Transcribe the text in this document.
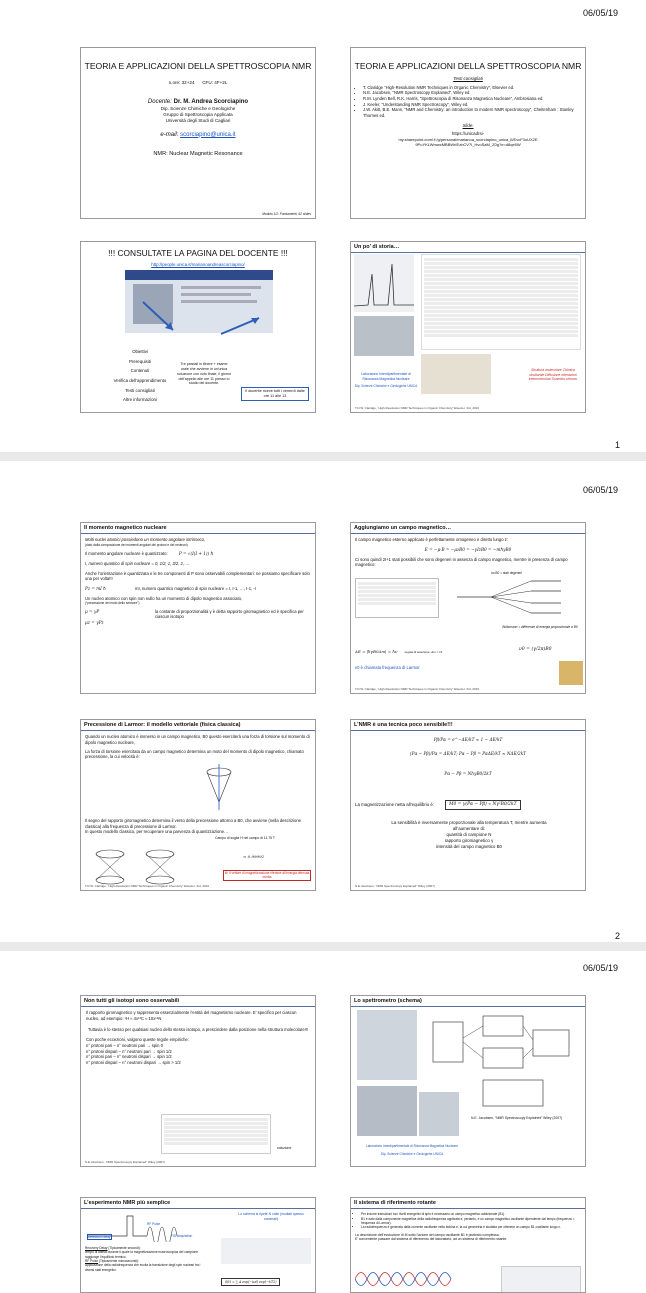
06/05/19
TEORIA E APPLICAZIONI DELLA SPETTROSCOPIA NMR
n.ore: 32+24 CFU: 4F+2L
Docente: Dr. M. Andrea Scorciapino
Dip. Scienze Chimiche e Geologiche
Gruppo di Spettroscopia Applicata
Università degli Studi di Cagliari
e-mail: scorciapino@unica.it
NMR: Nuclear Magnetic Resonance
Modulo 1/2: Fondamenti, 62 slides
TEORIA E APPLICAZIONI DELLA SPETTROSCOPIA NMR
Testi consigliati
• T. Claridge “High-Resolution NMR Techniques in Organic Chemistry”, Elsevier ed.
• N.E. Jacobsen, “NMR Spectroscopy Explained”, Wiley ed.
• R.M. Lynden Bell, R.K. Harris, “Spettroscopia di Risonanza Magnetica Nucleare”, Ambrosiana ed.
• J. Keeler, “Understanding NMR Spectroscopy”, Wiley ed.
• J.W. Akitt, B.E. Mann, “NMR and Chemistry: an introduction to modern NMR spectroscopy”, Cheltenham : Stanley Thornes ed.
Slide:
https://unicadrsi-
my.sharepoint.com/:f:/g/personal/marianoa_scorciapino_unica_it/EvcF3oUX2E
9PuYKLWmwcMBBWrIEzhCV7I_HvoSaM_Z0g?e=d8qe5W
!!! CONSULTATE LA PAGINA DEL DOCENTE !!!
http://people.unica.it/marianoandreascorciapino/
Obiettivi
Prerequisiti
Contenuti
Verifica dell’apprendimento
Testi consigliati
Altre informazioni
Tre parziali in itinere + esame orale che avviene in un'unica soluzione con voto finale, il giorno dell'appello alle ore 11 presso lo studio del docente.
Il docente riceve tutti i venerdì dalle ore 11 alle 13
Un po’ di storia…
Laboratorio Interdipartimentale di Risonanza Magnetica Nucleare
Dip. Scienze Chimiche e Geologiche UNICA
Struttura molecolare Chimica strutturale Diffusione Interazioni intermolecolari Scambio chimico
T.D.W. Claridge, “High-Resolution NMR Techniques in Organic Chemistry” Elsevier, 3rd, 2016
1
06/05/19
Il momento magnetico nucleare
Molti nuclei atomici possiedono un momento angolare intrinseco,
(dato dalla composizione dei momenti angolari dei protoni e dei neutroni)
Il momento angolare nucleare è quantizzato:	P = √(I(I + 1)) ħ
I, numero quantico di spin nucleare = 0, 1/2, 1, 3/2, 2, …
Anche l’orientazione è quantizzata e le tre componenti di P sono osservabili complementari: ne possiamo specificare solo una per volta!!!
Pz = mI ħ	mI, numero quantico magnetico di spin nucleare = I, I-1, …, I-1, -I
Un nucleo atomico con spin non nullo ha un momento di dipolo magnetico associato,
(“precessione del moto dello sensore”)
μ = γP
μz = γPz
la costante di proporzionalità γ è detta rapporto giromagnetico ed è specifica per ciascun isotopo
Aggiungiamo un campo magnetico…
Il campo magnetico esterno applicato è perfettamente omogeneo e diretto lungo z:
E = −μ·B = −μzB0 = −γIzB0 = −mħγB0
Ci sono quindi 2I+1 stati possibili che sono degeneri in assenza di campo magnetico, mentre in presenza di campo magnetico:
no B0 = stati degeneri
Boltzmann = differenze di energia proporzionale a B0
ΔE = |ħγB0Δm| = ħν regola di selezione: Δm = ±1	ν0 = (γ/2π)B0
ν0 è chiamata frequenza di Larmor
T.D.W. Claridge, “High-Resolution NMR Techniques in Organic Chemistry” Elsevier, 3rd, 2016
Precessione di Larmor: il modello vettoriale (fisica classica)
Quando un nucleo atomico è immerso in un campo magnetico, B0 questo eserciterà una forza di torsione sul momento di dipolo magnetico nucleare,
La forza di torsione esercitata da un campo magnetico determina un moto del momento di dipolo magnetico, chiamato precessione, la cui velocità è:
Il segno del rapporto giromagnetico determina il verso della precessione attorno a B0, che avviene (nella descrizione classica) alla frequenza di precessione di Larmor.
In questo modello classico, per recuperare una parvenza di quantizzazione…
Campo di soglia H nel campo di 11.75 T
≈ 0.99992
M: il vettore di magnetizzazione riferisce all’energia ottenuta media
T.D.W. Claridge, “High-Resolution NMR Techniques in Organic Chemistry” Elsevier, 3rd, 2016
L’NMR è una tecnica poco sensibile!!!
Pβ/Pα = e^−ΔE/kT ≈ 1 − ΔE/kT
(Pα − Pβ)/Pα = ΔE/kT; Pα − Pβ = PαΔE/kT ≈ NΔE/2kT
Pα − Pβ = NhγB0/2kT
La magnetizzazione netta all’equilibrio è:	M0 = γ(Pα − Pβ) ∝ Nγ²B0/2kT
La sensibilità è inversamente proporzionale alla temperatura T, mentre aumenta all’aumentare di:
quantità di campione N
rapporto giromagnetico γ
intensità del campo magnetico B0
N.E.Jacobsen, “NMR Spectroscopy Explained” Wiley (2007)
2
06/05/19
Non tutti gli isotopi sono osservabili
Il rapporto giromagnetico γ rappresenta essenzialmente l’entità del magnetismo nucleare. E’ specifico per ciascun nucleo, ad esempio: ¹H ≈ 4x¹³C ≈ 10x¹⁵N
Tuttavia è lo stesso per qualsiasi nucleo dello stesso isotopo, a prescindere dalla posizione nella struttura molecolare!!!
Con poche eccezioni, valgono queste regole empiriche:
n° protoni pari – n° neutroni pari → spin 0
n° protoni dispari – n° neutroni pari → spin 1/2
n° protoni pari – n° neutroni dispari → spin 1/2
n° protoni dispari – n° neutroni dispari → spin > 1/2
soluzione
N.E.Jacobsen, “NMR Spectroscopy Explained” Wiley (2007)
Lo spettrometro (schema)
N.E. Jacobsen, “NMR Spectroscopy Explained” Wiley (2007)
Laboratorio Interdipartimentale di Risonanza Magnetica Nucleare
Dip. Scienze Chimiche e Geologiche UNICA
L’esperimento NMR più semplice
RF Pulse
Detection Delay	FID Acquisition
Lo schema si ripete N volte (risultati spesso sommati)
Recovery Delay (Tipicamente secondi):
tempo di attesa durante il quale la magnetizzazione macroscopica del campione raggiunge l’equilibrio termico.
RF Pulse (Tipicamente microsecondi):
Applicazione della radiofrequenza che eccita la transizione degli spin nucleari tra i diversi stati energetici.
S(t) = ∑ A exp(−iωt) exp(−t/T2)
Il sistema di riferimento rotante
• Per indurre transizioni tra i livelli energetici di spin è necessario un campo magnetico addizionale (B1).
• B1 è dato dalla componente magnetica della radiofrequenza applicata e, pertanto, è un campo magnetico oscillante dipendente dal tempo (frequenza = frequenza di Larmor).
• La radiofrequenza è generata dalla corrente oscillante nella bobina e, la cui geometria è studiata per ottenere un campo B1 oscillante lungo x.
La descrizione dell’evoluzione di M sotto l’azione del campo oscillante B1 è piuttosto complessa.
E’ conveniente passare dal sistema di riferimento del laboratorio, ad un sistema di riferimento rotante.
